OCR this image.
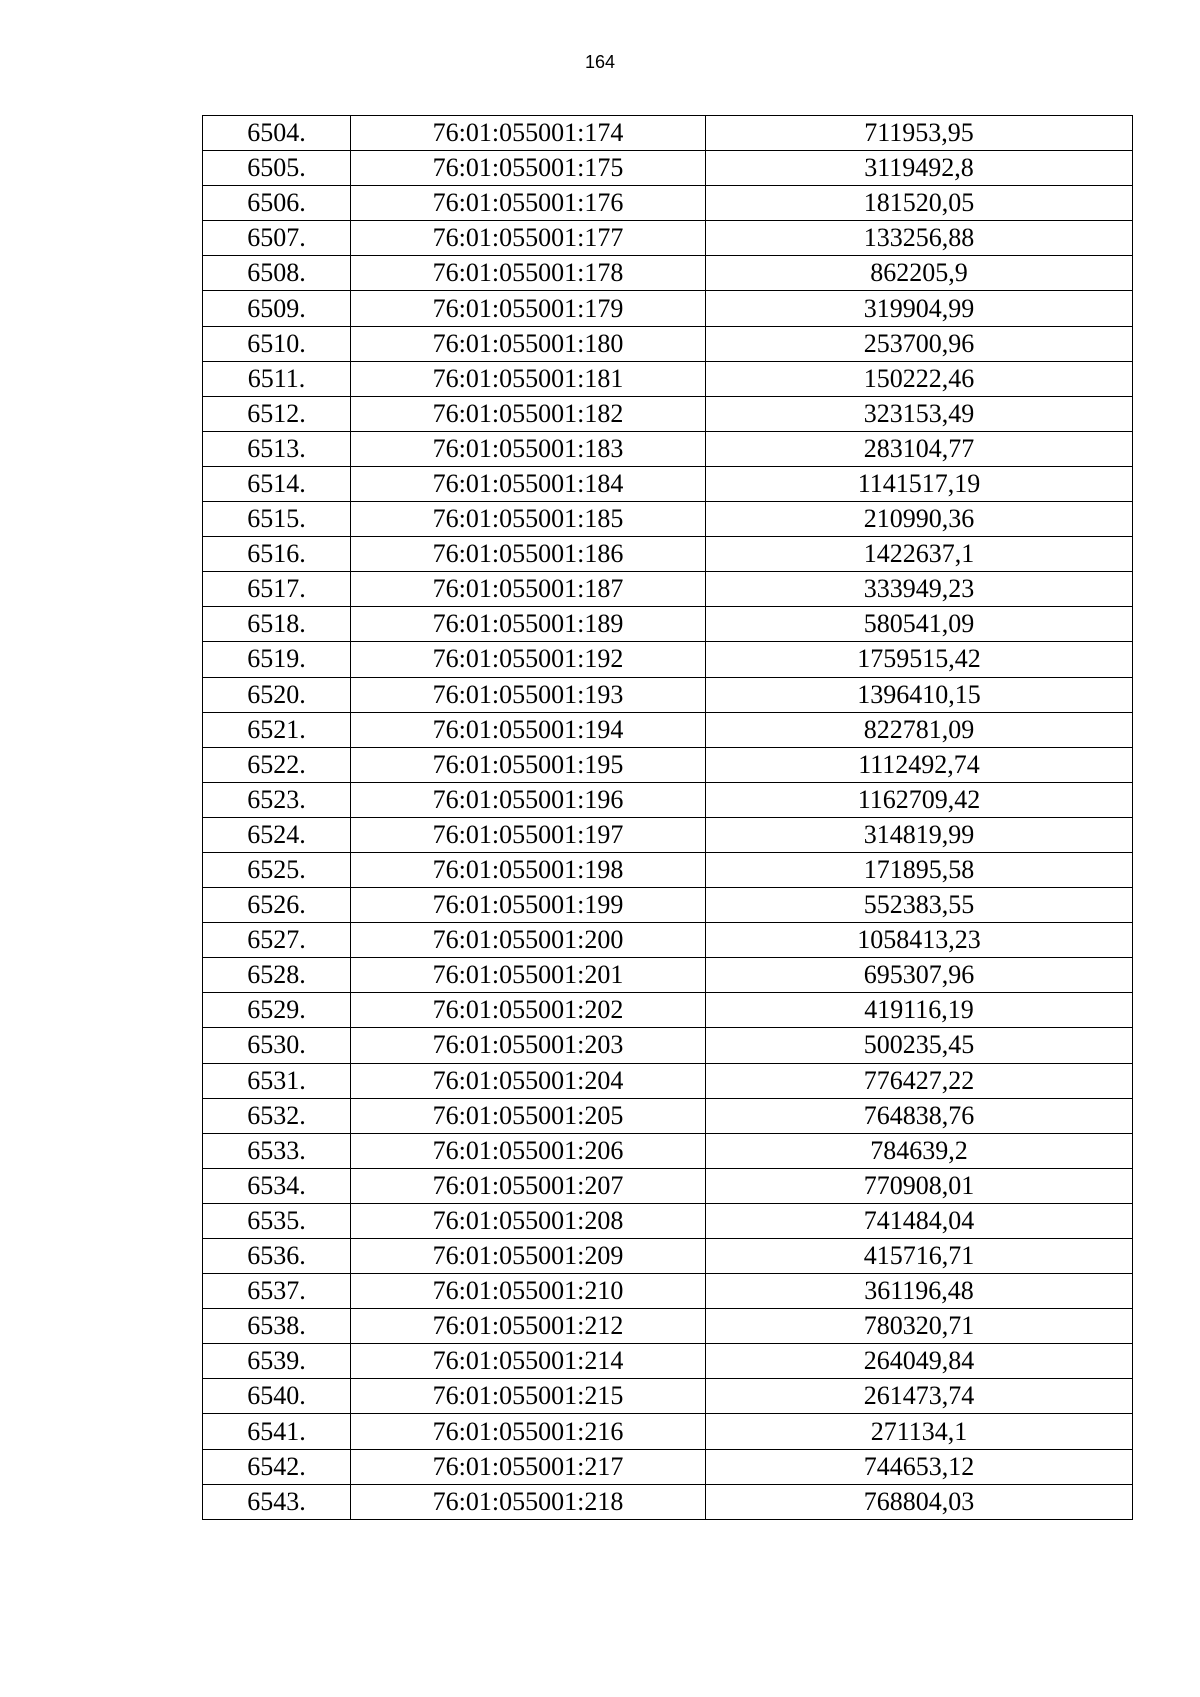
164
6504.	76:01:055001:174	711953,95
6505.	76:01:055001:175	3119492,8
6506.	76:01:055001:176	181520,05
6507.	76:01:055001:177	133256,88
6508.	76:01:055001:178	862205,9
6509.	76:01:055001:179	319904,99
6510.	76:01:055001:180	253700,96
6511.	76:01:055001:181	150222,46
6512.	76:01:055001:182	323153,49
6513.	76:01:055001:183	283104,77
6514.	76:01:055001:184	1141517,19
6515.	76:01:055001:185	210990,36
6516.	76:01:055001:186	1422637,1
6517.	76:01:055001:187	333949,23
6518.	76:01:055001:189	580541,09
6519.	76:01:055001:192	1759515,42
6520.	76:01:055001:193	1396410,15
6521.	76:01:055001:194	822781,09
6522.	76:01:055001:195	1112492,74
6523.	76:01:055001:196	1162709,42
6524.	76:01:055001:197	314819,99
6525.	76:01:055001:198	171895,58
6526.	76:01:055001:199	552383,55
6527.	76:01:055001:200	1058413,23
6528.	76:01:055001:201	695307,96
6529.	76:01:055001:202	419116,19
6530.	76:01:055001:203	500235,45
6531.	76:01:055001:204	776427,22
6532.	76:01:055001:205	764838,76
6533.	76:01:055001:206	784639,2
6534.	76:01:055001:207	770908,01
6535.	76:01:055001:208	741484,04
6536.	76:01:055001:209	415716,71
6537.	76:01:055001:210	361196,48
6538.	76:01:055001:212	780320,71
6539.	76:01:055001:214	264049,84
6540.	76:01:055001:215	261473,74
6541.	76:01:055001:216	271134,1
6542.	76:01:055001:217	744653,12
6543.	76:01:055001:218	768804,03
